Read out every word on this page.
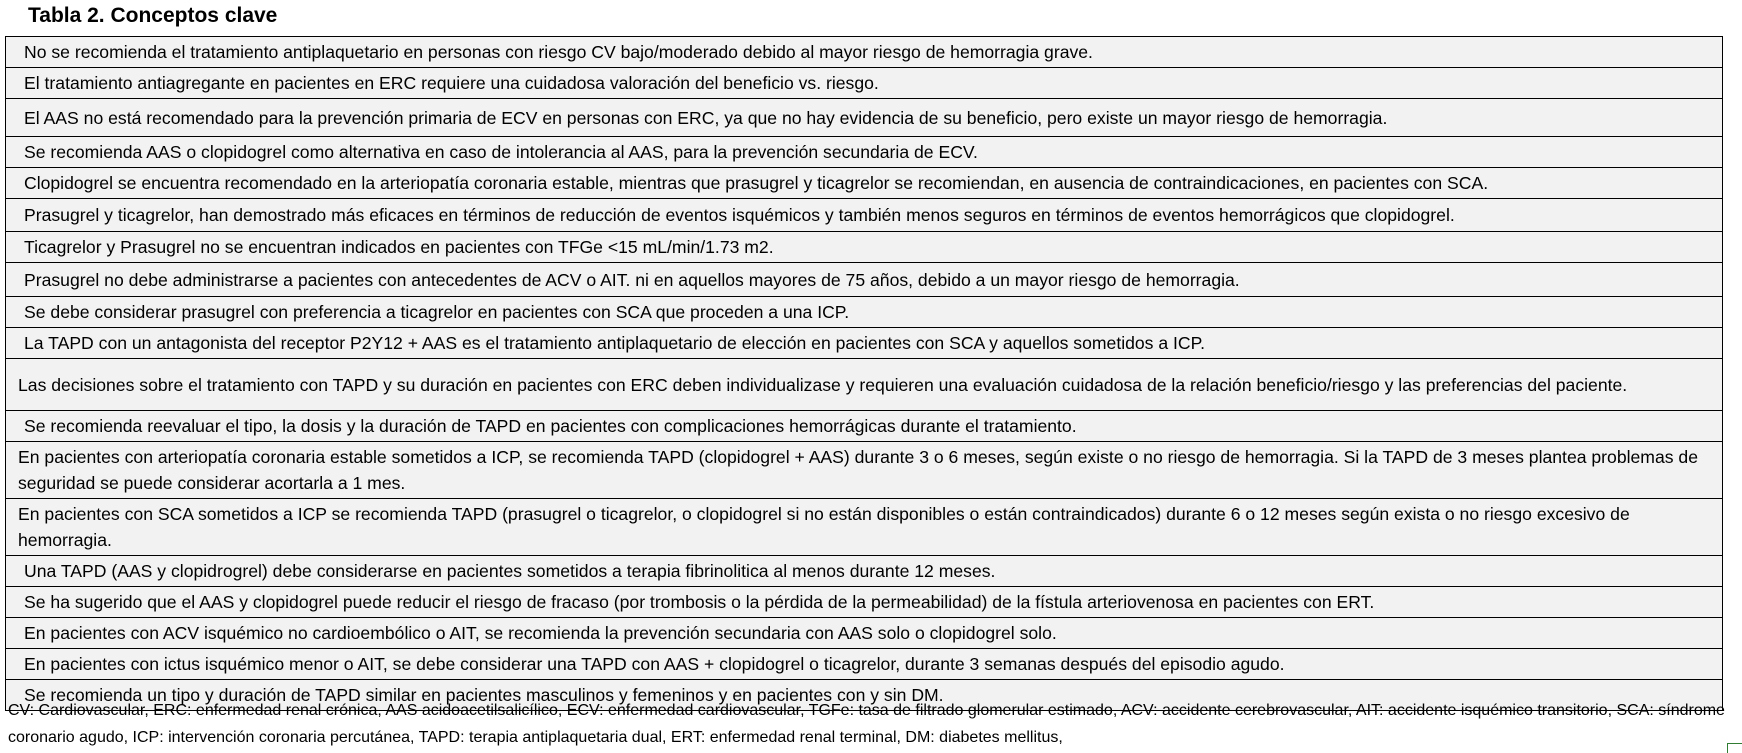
Tabla 2. Conceptos clave
No se recomienda el tratamiento antiplaquetario en personas con riesgo CV bajo/moderado debido al mayor riesgo de hemorragia grave.
El tratamiento antiagregante en pacientes en ERC requiere una cuidadosa valoración del beneficio vs. riesgo.
El AAS no está recomendado para la prevención primaria de ECV en personas con ERC, ya que no hay evidencia de su beneficio, pero existe un mayor riesgo de hemorragia.
Se recomienda AAS o clopidogrel como alternativa en caso de intolerancia al AAS, para la prevención secundaria de ECV.
Clopidogrel se encuentra recomendado en la arteriopatía coronaria estable, mientras que prasugrel y ticagrelor se recomiendan, en ausencia de contraindicaciones, en pacientes con SCA.
Prasugrel y ticagrelor, han demostrado más eficaces en términos de reducción de eventos isquémicos y también menos seguros en términos de eventos hemorrágicos que clopidogrel.
Ticagrelor y Prasugrel no se encuentran indicados en pacientes con TFGe <15 mL/min/1.73 m2.
Prasugrel no debe administrarse a pacientes con antecedentes de ACV o AIT. ni en aquellos mayores de 75 años, debido a un mayor riesgo de hemorragia.
Se debe considerar prasugrel con preferencia a ticagrelor en pacientes con SCA que proceden a una ICP.
La TAPD con un antagonista del receptor P2Y12 + AAS es el tratamiento antiplaquetario de elección en pacientes con SCA y aquellos sometidos a ICP.
Las decisiones sobre el tratamiento con TAPD y su duración en pacientes con ERC deben individualizase y requieren una evaluación cuidadosa de la relación beneficio/riesgo y las preferencias del paciente.
Se recomienda reevaluar el tipo, la dosis y la duración de TAPD en pacientes con complicaciones hemorrágicas durante el tratamiento.
En pacientes con arteriopatía coronaria estable sometidos a ICP, se recomienda TAPD (clopidogrel + AAS) durante 3 o 6 meses, según existe o no riesgo de hemorragia. Si la TAPD de 3 meses plantea problemas de seguridad se puede considerar acortarla a 1 mes.
En pacientes con SCA sometidos a ICP se recomienda TAPD (prasugrel o ticagrelor, o clopidogrel si no están disponibles o están contraindicados) durante 6 o 12 meses según exista o no riesgo excesivo de hemorragia.
Una TAPD (AAS y clopidrogrel) debe considerarse en pacientes sometidos a terapia fibrinolitica al menos durante 12 meses.
Se ha sugerido que el AAS y clopidogrel puede reducir el riesgo de fracaso (por trombosis o la pérdida de la permeabilidad) de la fístula arteriovenosa en pacientes con ERT.
En pacientes con ACV isquémico no cardioembólico o AIT, se recomienda la prevención secundaria con AAS solo o clopidogrel solo.
En pacientes con ictus isquémico menor o AIT, se debe considerar una TAPD con AAS + clopidogrel o ticagrelor, durante 3 semanas después del episodio agudo.
Se recomienda un tipo y duración de TAPD similar en pacientes masculinos y femeninos y en pacientes con y sin DM.
CV: Cardiovascular, ERC: enfermedad renal crónica, AAS acidoacetilsalicílico, ECV: enfermedad cardiovascular, TGFe: tasa de filtrado glomerular estimado, ACV: accidente cerebrovascular, AIT: accidente isquémico transitorio, SCA: síndrome coronario agudo, ICP: intervención coronaria percutánea, TAPD: terapia antiplaquetaria dual, ERT: enfermedad renal terminal, DM: diabetes mellitus,
